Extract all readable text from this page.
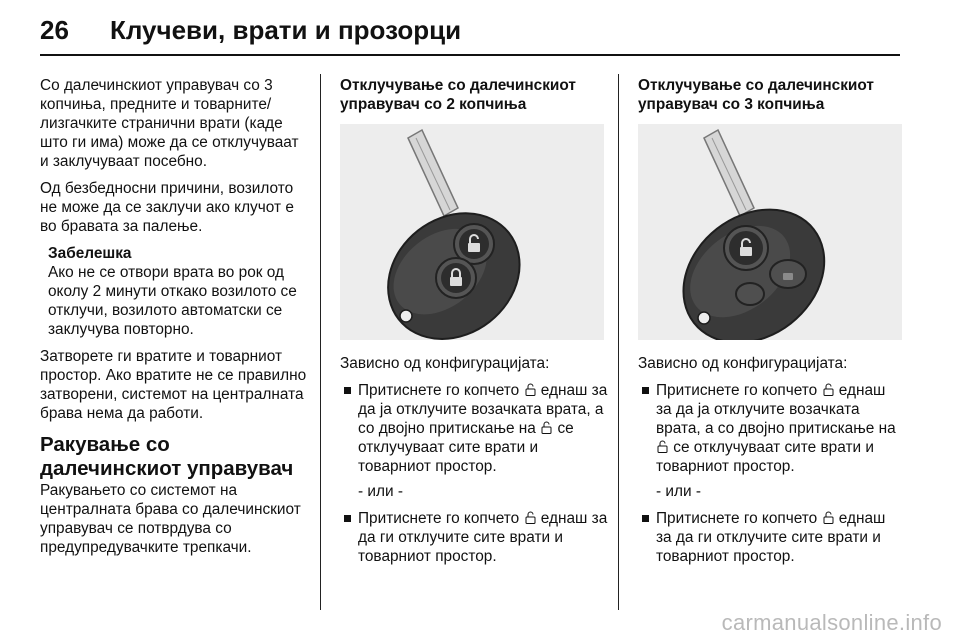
26	Клучеви, врати и прозорци

Со далечинскиот управувач со 3 копчиња, предните и товарните/ лизгачките странични врати (каде што ги има) може да се отклучуваат и заклучуваат посебно.

Од безбедносни причини, возилото не може да се заклучи ако клучот е во бравата за палење.

Забелешка
Ако не се отвори врата во рок од околу 2 минути откако возилото се отклучи, возилото автоматски се заклучува повторно.

Затворете ги вратите и товарниот простор. Ако вратите не се правилно затворени, системот на централната брава нема да работи.

Ракување со далечинскиот управувач

Ракувањето со системот на централната брава со далечинскиот управувач се потврдува со предупредувачките трепкачи.

Отклучување со далечинскиот управувач со 2 копчиња

Зависно од конфигурацијата:

Притиснете го копчето еднаш за да ја отклучите возачката врата, а со двојно притискање на се отклучуваат сите врати и товарниот простор.

- или -

Притиснете го копчето еднаш за да ги отклучите сите врати и товарниот простор.
Отклучување со далечинскиот управувач со 3 копчиња

Зависно од конфигурацијата:

Притиснете го копчето еднаш за да ја отклучите возачката врата, а со двојно притискање на  се отклучуваат сите врати и товарниот простор.

- или -

Притиснете го копчето еднаш за да ги отклучите сите врати и товарниот простор.
carmanualsonline.info
